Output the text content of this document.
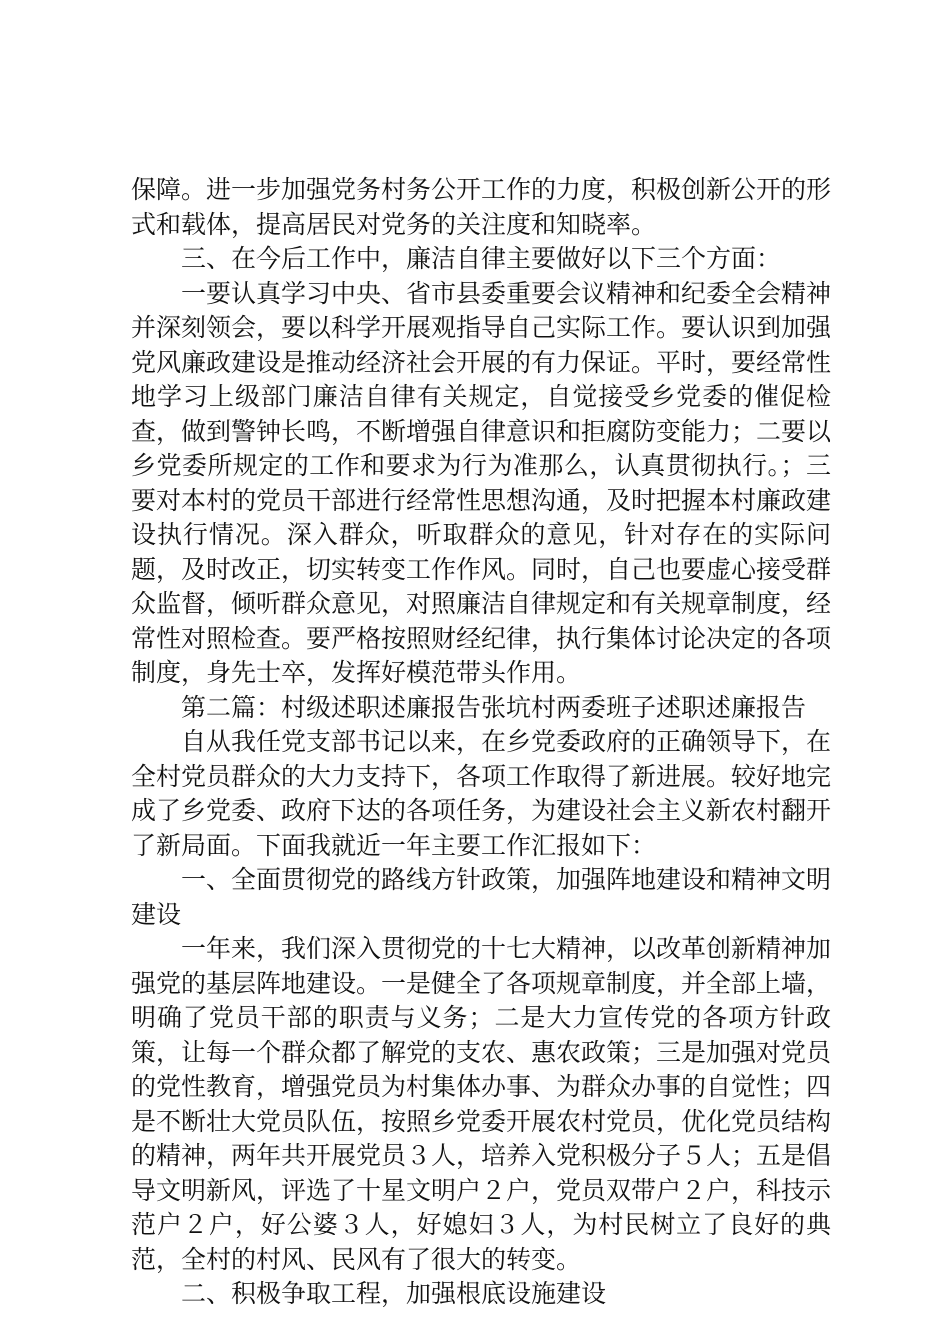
保障。进一步加强党务村务公开工作的力度，积极创新公开的形式和载体，提高居民对党务的关注度和知晓率。

三、在今后工作中，廉洁自律主要做好以下三个方面：

一要认真学习中央、省市县委重要会议精神和纪委全会精神并深刻领会，要以科学开展观指导自己实际工作。要认识到加强党风廉政建设是推动经济社会开展的有力保证。平时，要经常性地学习上级部门廉洁自律有关规定，自觉接受乡党委的催促检查，做到警钟长鸣，不断增强自律意识和拒腐防变能力；二要以乡党委所规定的工作和要求为行为准那么，认真贯彻执行。；三要对本村的党员干部进行经常性思想沟通，及时把握本村廉政建设执行情况。深入群众，听取群众的意见，针对存在的实际问题，及时改正，切实转变工作作风。同时，自己也要虚心接受群众监督，倾听群众意见，对照廉洁自律规定和有关规章制度，经常性对照检查。要严格按照财经纪律，执行集体讨论决定的各项制度，身先士卒，发挥好模范带头作用。

第二篇：村级述职述廉报告张坑村两委班子述职述廉报告

自从我任党支部书记以来，在乡党委政府的正确领导下，在全村党员群众的大力支持下，各项工作取得了新进展。较好地完成了乡党委、政府下达的各项任务，为建设社会主义新农村翻开了新局面。下面我就近一年主要工作汇报如下：

一、全面贯彻党的路线方针政策，加强阵地建设和精神文明建设

一年来，我们深入贯彻党的十七大精神，以改革创新精神加强党的基层阵地建设。一是健全了各项规章制度，并全部上墙，明确了党员干部的职责与义务；二是大力宣传党的各项方针政策，让每一个群众都了解党的支农、惠农政策；三是加强对党员的党性教育，增强党员为村集体办事、为群众办事的自觉性；四是不断壮大党员队伍，按照乡党委开展农村党员，优化党员结构的精神，两年共开展党员３人，培养入党积极分子５人；五是倡导文明新风，评选了十星文明户２户，党员双带户２户，科技示范户２户，好公婆３人，好媳妇３人，为村民树立了良好的典范，全村的村风、民风有了很大的转变。

二、积极争取工程，加强根底设施建设
